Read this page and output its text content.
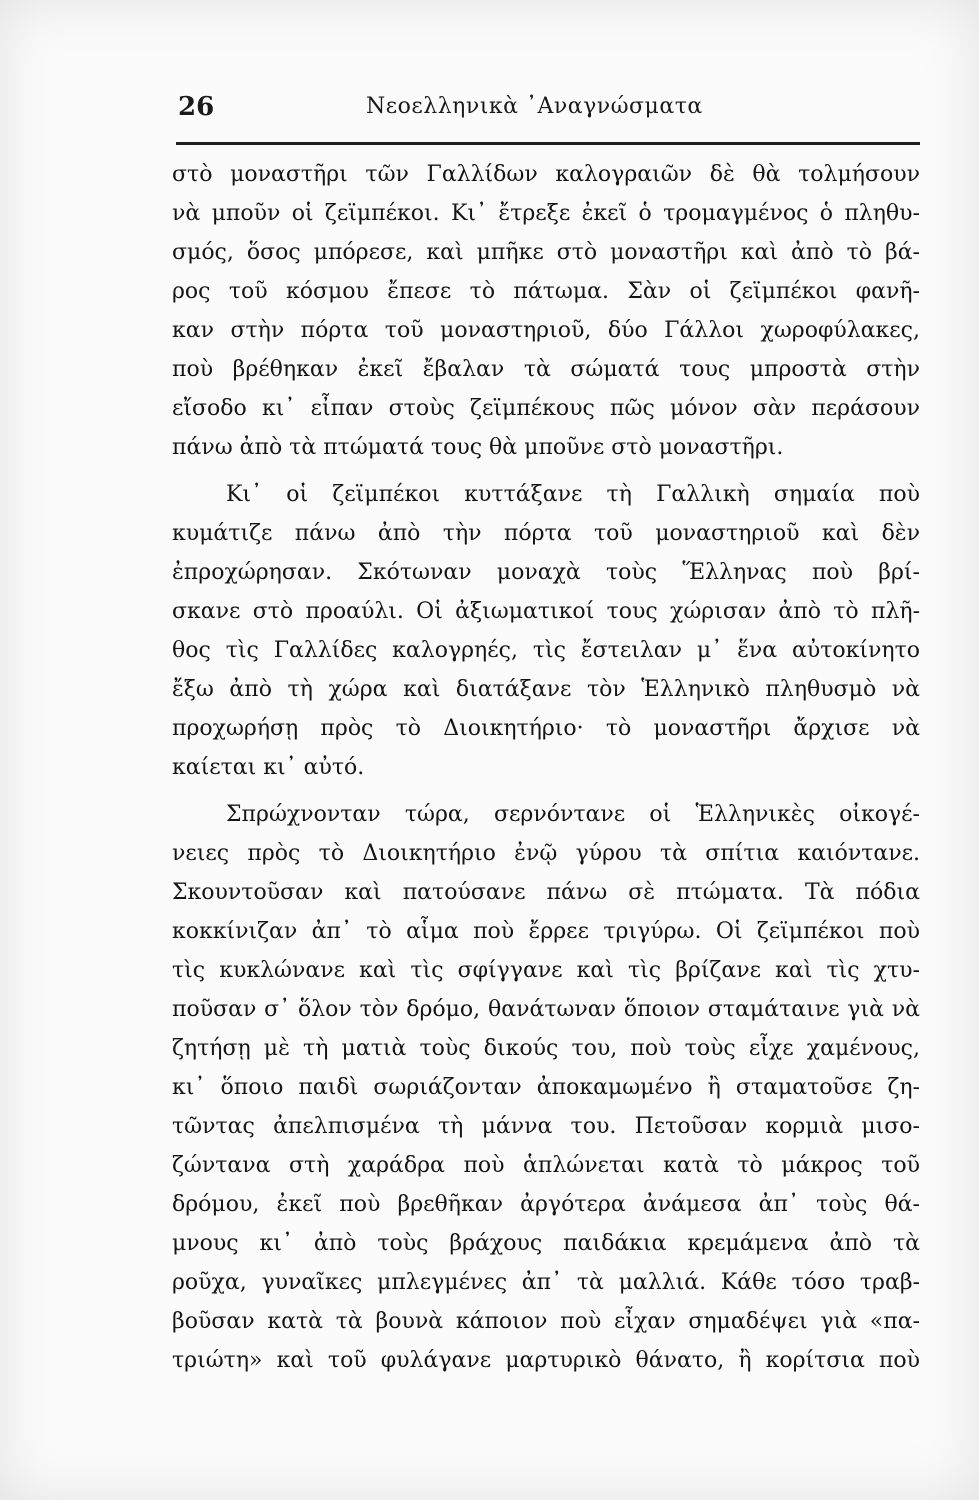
26	Νεοελληνικὰ ᾿Αναγνώσματα
στὸ μοναστῆρι τῶν Γαλλίδων καλογραιῶν δὲ θὰ τολμήσουν
νὰ μποῦν οἱ ζεϊμπέκοι. Κι᾿ ἔτρεξε ἐκεῖ ὁ τρομαγμένος ὁ πληθυ-
σμός, ὅσος μπόρεσε, καὶ μπῆκε στὸ μοναστῆρι καὶ ἀπὸ τὸ βά-
ρος τοῦ κόσμου ἔπεσε τὸ πάτωμα. Σὰν οἱ ζεϊμπέκοι φανῆ-
καν στὴν πόρτα τοῦ μοναστηριοῦ, δύο Γάλλοι χωροφύλακες,
ποὺ βρέθηκαν ἐκεῖ ἔβαλαν τὰ σώματά τους μπροστὰ στὴν
εἴσοδο κι᾿ εἶπαν στοὺς ζεϊμπέκους πῶς μόνον σὰν περάσουν
πάνω ἀπὸ τὰ πτώματά τους θὰ μποῦνε στὸ μοναστῆρι.
Κι᾿ οἱ ζεϊμπέκοι κυττάξανε τὴ Γαλλικὴ σημαία ποὺ
κυμάτιζε πάνω ἀπὸ τὴν πόρτα τοῦ μοναστηριοῦ καὶ δὲν
ἐπροχώρησαν. Σκότωναν μοναχὰ τοὺς Ἕλληνας ποὺ βρί-
σκανε στὸ προαύλι. Οἱ ἀξιωματικοί τους χώρισαν ἀπὸ τὸ πλῆ-
θος τὶς Γαλλίδες καλογρηές, τὶς ἔστειλαν μ᾿ ἕνα αὐτοκίνητο
ἔξω ἀπὸ τὴ χώρα καὶ διατάξανε τὸν Ἑλληνικὸ πληθυσμὸ νὰ
προχωρήσῃ πρὸς τὸ Διοικητήριο· τὸ μοναστῆρι ἄρχισε νὰ
καίεται κι᾿ αὐτό.
Σπρώχνονταν τώρα, σερνόντανε οἱ Ἑλληνικὲς οἰκογέ-
νειες πρὸς τὸ Διοικητήριο ἐνῷ γύρου τὰ σπίτια καιόντανε.
Σκουντοῦσαν καὶ πατούσανε πάνω σὲ πτώματα. Τὰ πόδια
κοκκίνιζαν ἀπ᾿ τὸ αἷμα ποὺ ἔρρεε τριγύρω. Οἱ ζεϊμπέκοι ποὺ
τὶς κυκλώνανε καὶ τὶς σφίγγανε καὶ τὶς βρίζανε καὶ τὶς χτυ-
ποῦσαν σ᾿ ὅλον τὸν δρόμο, θανάτωναν ὅποιον σταμάταινε γιὰ νὰ
ζητήσῃ μὲ τὴ ματιὰ τοὺς δικούς του, ποὺ τοὺς εἶχε χαμένους,
κι᾿ ὅποιο παιδὶ σωριάζονταν ἀποκαμωμένο ἢ σταματοῦσε ζη-
τῶντας ἀπελπισμένα τὴ μάννα του. Πετοῦσαν κορμιὰ μισο-
ζώντανα στὴ χαράδρα ποὺ ἁπλώνεται κατὰ τὸ μάκρος τοῦ
δρόμου, ἐκεῖ ποὺ βρεθῆκαν ἀργότερα ἀνάμεσα ἀπ᾿ τοὺς θά-
μνους κι᾿ ἀπὸ τοὺς βράχους παιδάκια κρεμάμενα ἀπὸ τὰ
ροῦχα, γυναῖκες μπλεγμένες ἀπ᾿ τὰ μαλλιά. Κάθε τόσο τραβ-
βοῦσαν κατὰ τὰ βουνὰ κάποιον ποὺ εἶχαν σημαδέψει γιὰ «πα-
τριώτη» καὶ τοῦ φυλάγανε μαρτυρικὸ θάνατο, ἢ κορίτσια ποὺ
